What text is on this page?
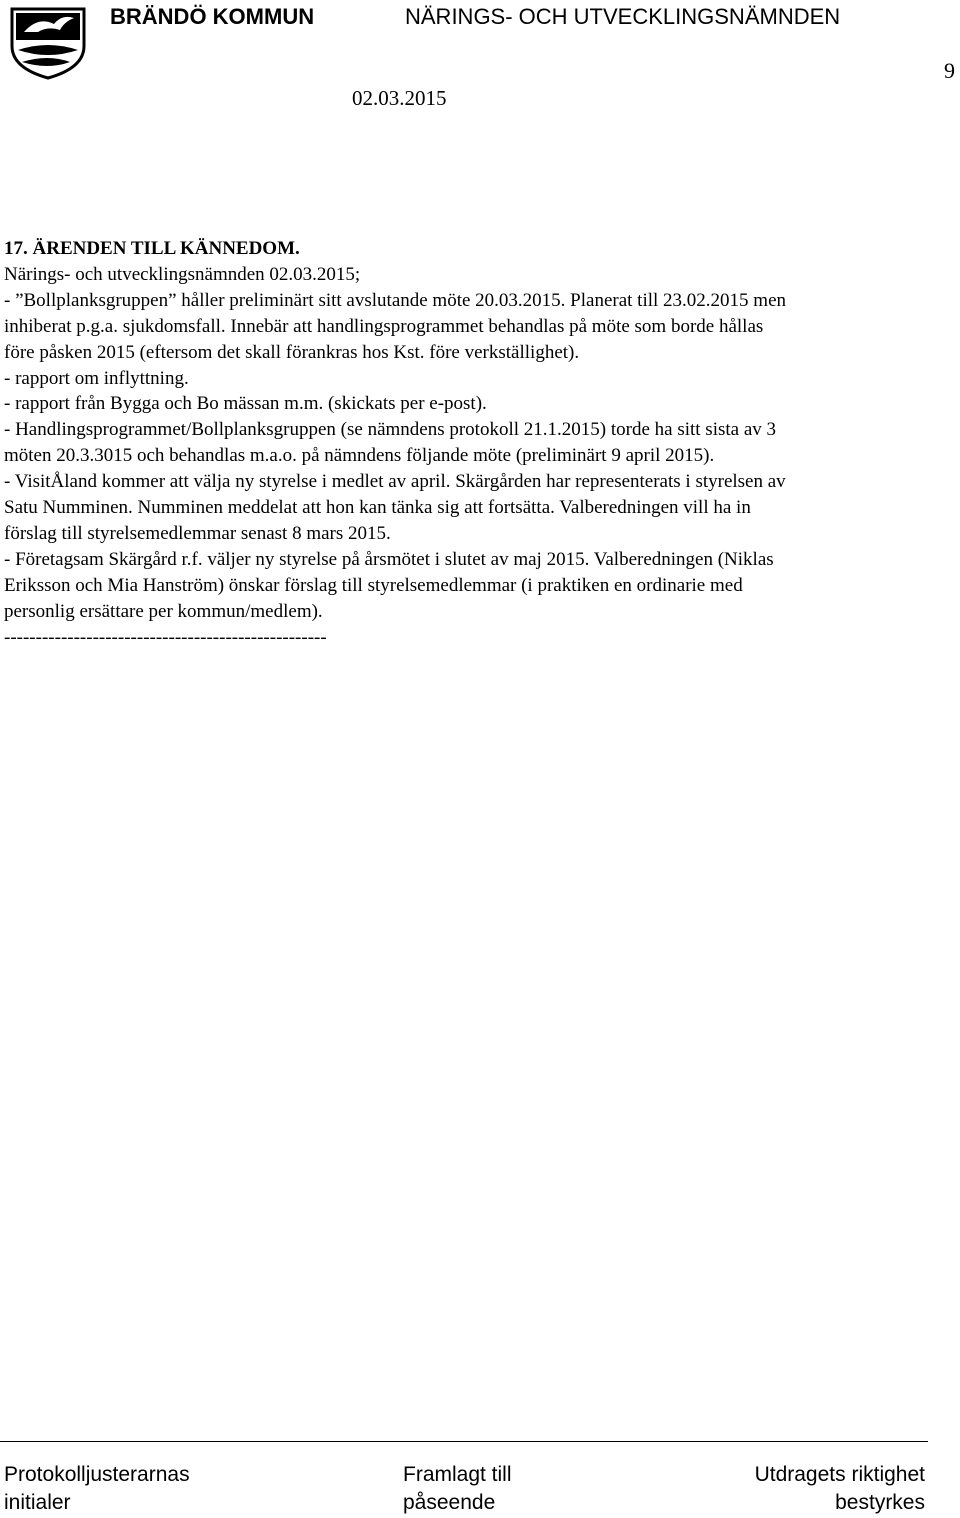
BRÄNDÖ KOMMUN	NÄRINGS- OCH UTVECKLINGSNÄMNDEN
02.03.2015
9
17. ÄRENDEN TILL KÄNNEDOM.
Närings- och utvecklingsnämnden 02.03.2015;
- ”Bollplanksgruppen” håller preliminärt sitt avslutande möte 20.03.2015. Planerat till 23.02.2015 men
inhiberat p.g.a. sjukdomsfall. Innebär att handlingsprogrammet behandlas på möte som borde hållas
före påsken 2015 (eftersom det skall förankras hos Kst. före verkställighet).
- rapport om inflyttning.
- rapport från Bygga och Bo mässan m.m. (skickats per e-post).
- Handlingsprogrammet/Bollplanksgruppen (se nämndens protokoll 21.1.2015) torde ha sitt sista av 3
möten 20.3.3015 och behandlas m.a.o. på nämndens följande möte (preliminärt 9 april 2015).
- VisitÅland kommer att välja ny styrelse i medlet av april. Skärgården har representerats i styrelsen av
Satu Numminen. Numminen meddelat att hon kan tänka sig att fortsätta. Valberedningen vill ha in
förslag till styrelsemedlemmar senast 8 mars 2015.
- Företagsam Skärgård r.f. väljer ny styrelse på årsmötet i slutet av maj 2015. Valberedningen (Niklas
Eriksson och Mia Hanström) önskar förslag till styrelsemedlemmar (i praktiken en ordinarie med
personlig ersättare per kommun/medlem).
---------------------------------------------------
Protokolljusterarnas
initialer
Framlagt till
påseende
Utdragets riktighet
bestyrkes
